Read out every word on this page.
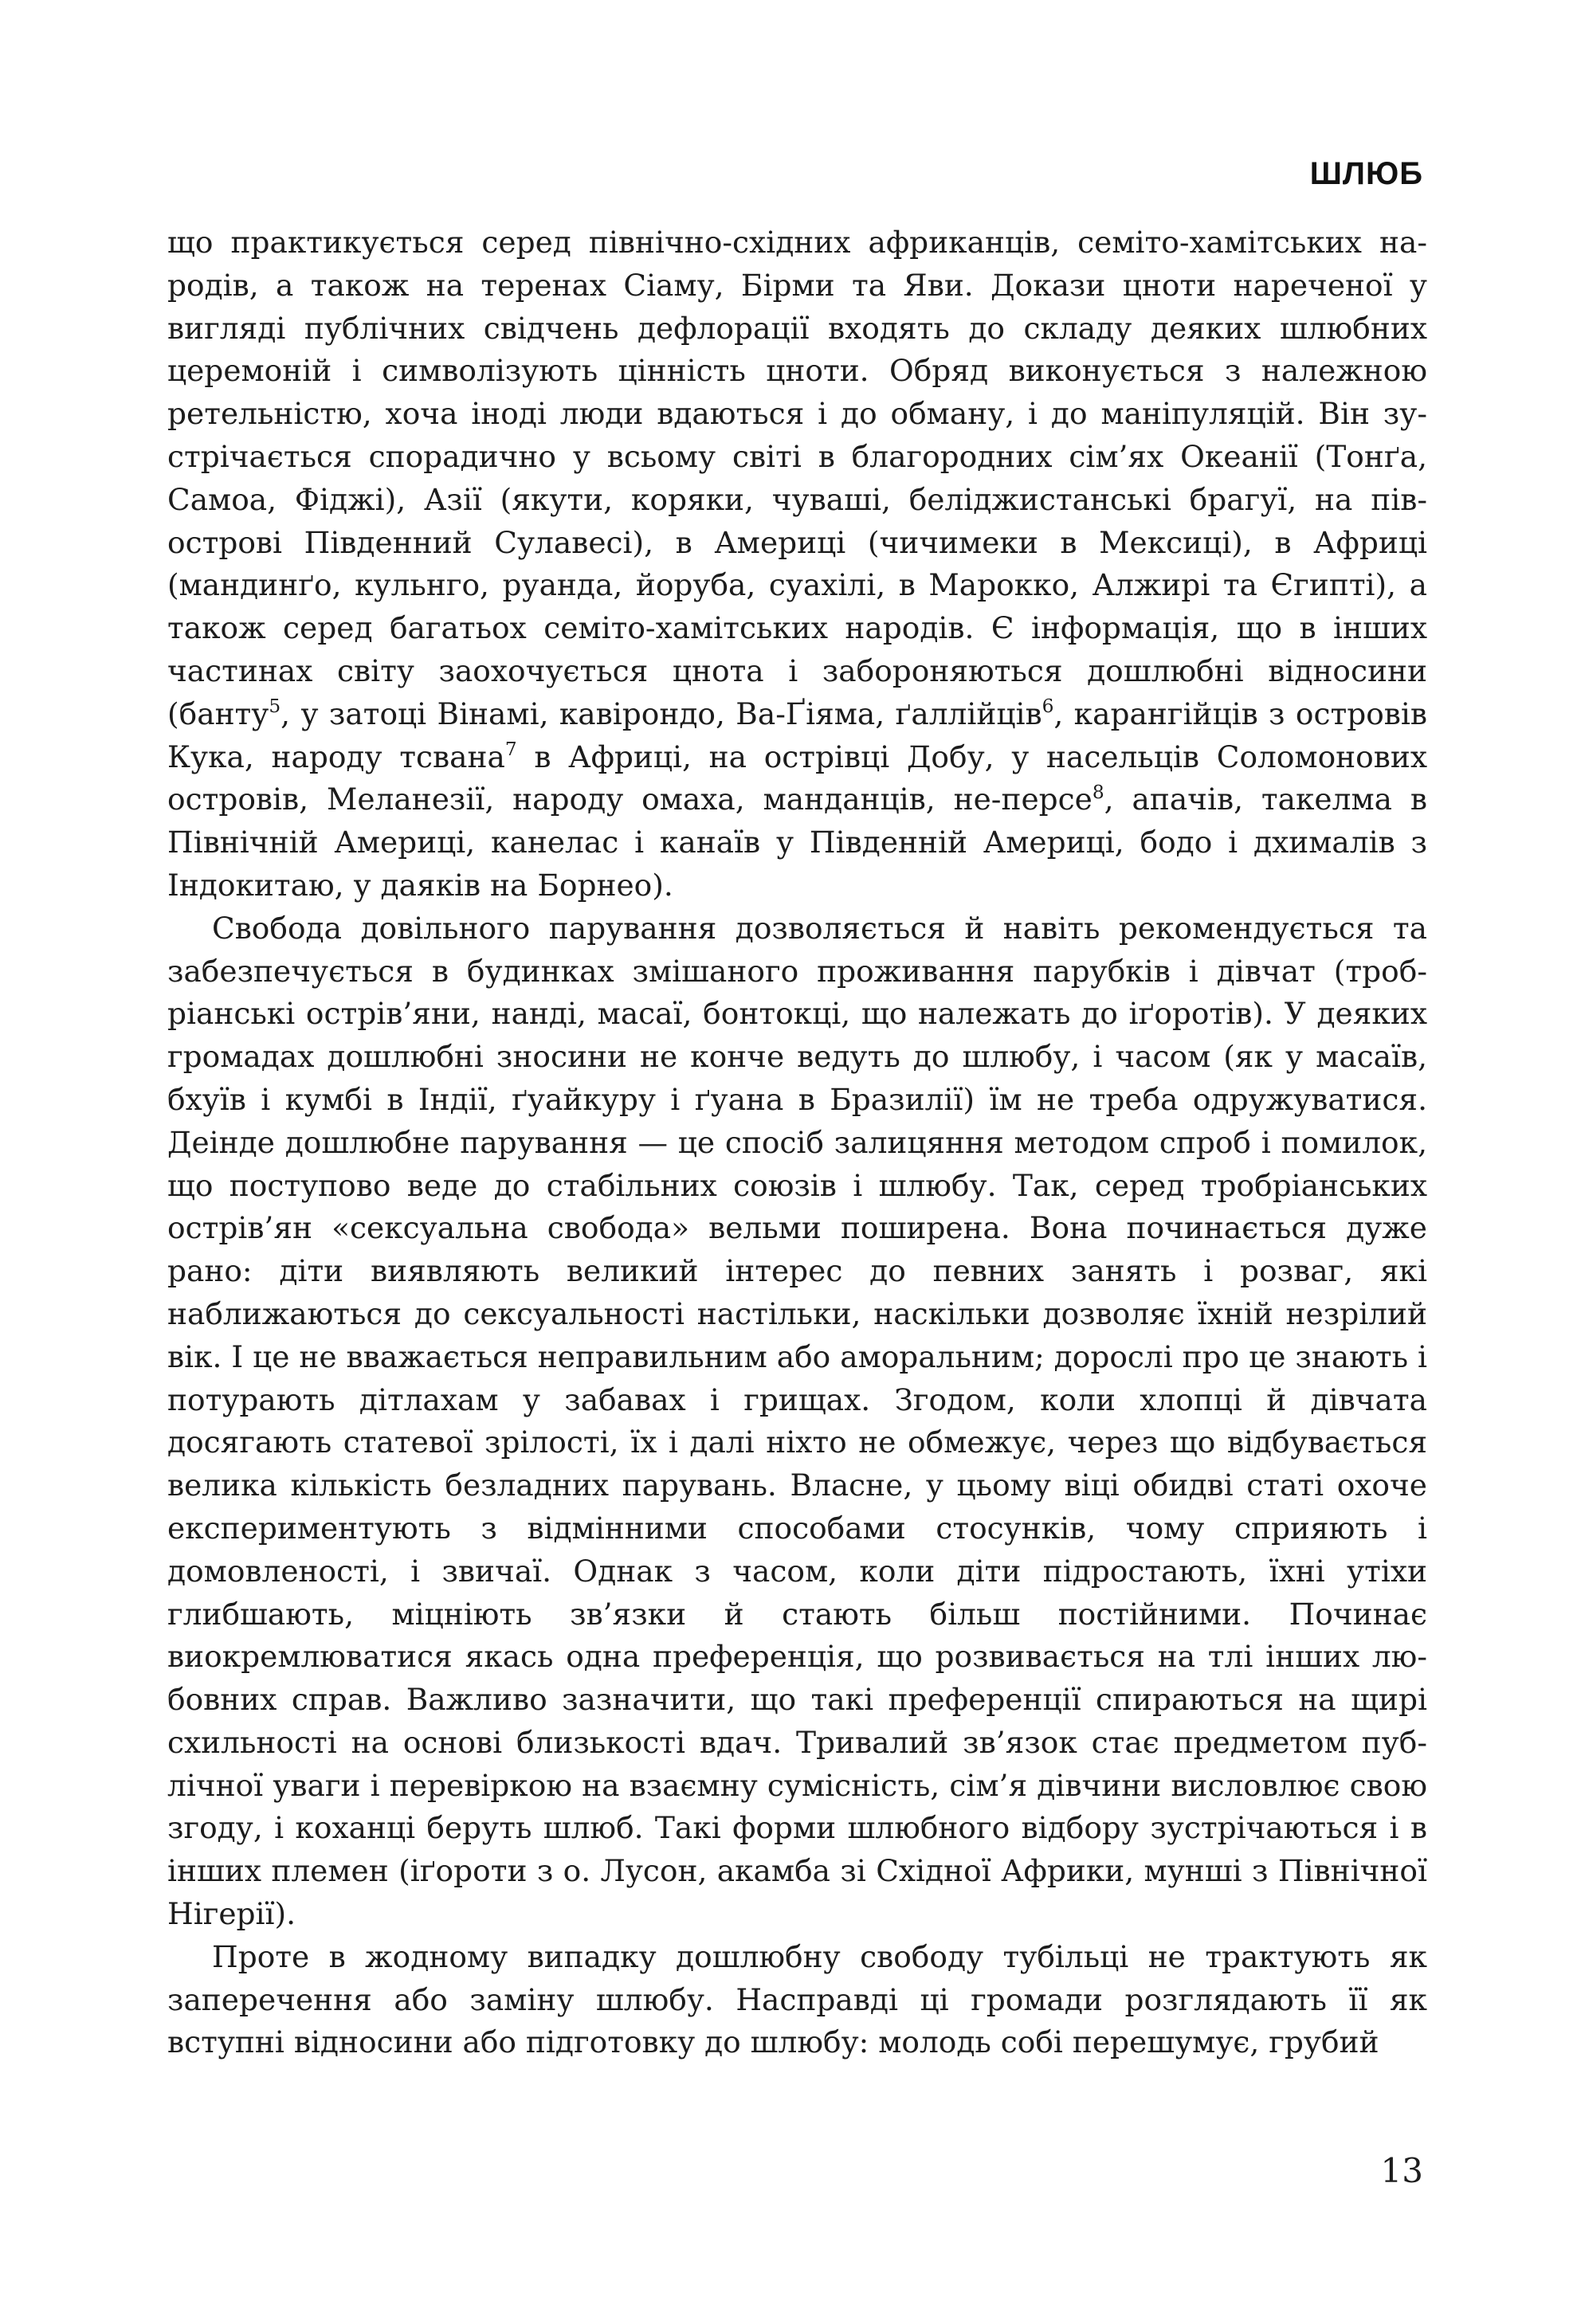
ШЛЮБ

що практикується серед північно-східних африканців, семіто-хамітських народів, а також на теренах Сіаму, Бірми та Яви. Докази цноти нареченої у вигляді публічних свідчень дефлорації входять до складу деяких шлюбних церемоній і символізують цінність цноти. Обряд виконується з належною ретельністю, хоча іноді люди вдаються і до обману, і до маніпуляцій. Він зустрічається спорадично у всьому світі в благородних сім’ях Океанії (Тонґа, Самоа, Фіджі), Азії (якути, коряки, чуваші, беліджистанські брагуї, на півострові Південний Сулавесі), в Америці (чичимеки в Мексиці), в Африці (мандинґо, кульнго, руанда, йоруба, суахілі, в Марокко, Алжирі та Єгипті), а також серед багатьох семіто-хамітських народів. Є інформація, що в інших частинах світу заохочується цнота і забороняються дошлюбні відносини (банту$^5$, у затоці Вінамі, кавірондо, Ва-Ґіяма, ґаллійців$^6$, карангійців з островів Кука, народу тсвана$^7$ в Африці, на острівці Добу, у насельців Соломонових островів, Меланезії, народу омаха, манданців, не-персе$^8$, апачів, такелма в Північній Америці, канелас і канаїв у Південній Америці, бодо і дхималів з Індокитаю, у даяків на Борнео).

Свобода довільного парування дозволяється й навіть рекомендується та забезпечується в будинках змішаного проживання парубків і дівчат (тробріанські острів’яни, нанді, масаї, бонтокці, що належать до іґоротів). У деяких громадах дошлюбні зносини не конче ведуть до шлюбу, і часом (як у масаїв, бхуїв і кумбі в Індії, ґуайкуру і ґуана в Бразилії) їм не треба одружуватися. Деінде дошлюбне парування — це спосіб залицяння методом спроб і помилок, що поступово веде до стабільних союзів і шлюбу. Так, серед тробріанських острів’ян «сексуальна свобода» вельми поширена. Вона починається дуже рано: діти виявляють великий інтерес до певних занять і розваг, які наближаються до сексуальності настільки, наскільки дозволяє їхній незрілий вік. І це не вважається неправильним або аморальним; дорослі про це знають і потурають дітлахам у забавах і грищах. Згодом, коли хлопці й дівчата досягають статевої зрілості, їх і далі ніхто не обмежує, через що відбувається велика кількість безладних парувань. Власне, у цьому віці обидві статі охоче експериментують з відмінними способами стосунків, чому сприяють і домовленості, і звичаї. Однак з часом, коли діти підростають, їхні утіхи глибшають, міцніють зв’язки й стають більш постійними. Починає виокремлюватися якась одна преференція, що розвивається на тлі інших любовних справ. Важливо зазначити, що такі преференції спираються на щирі схильності на основі близькості вдач. Тривалий зв’язок стає предметом публічної уваги і перевіркою на взаємну сумісність, сім’я дівчини висловлює свою згоду, і коханці беруть шлюб. Такі форми шлюбного відбору зустрічаються і в інших племен (іґороти з о. Лусон, акамба зі Східної Африки, мунші з Північної Нігерії).

Проте в жодному випадку дошлюбну свободу тубільці не трактують як заперечення або заміну шлюбу. Насправді ці громади розглядають її як вступні відносини або підготовку до шлюбу: молодь собі перешумує, грубий

13
